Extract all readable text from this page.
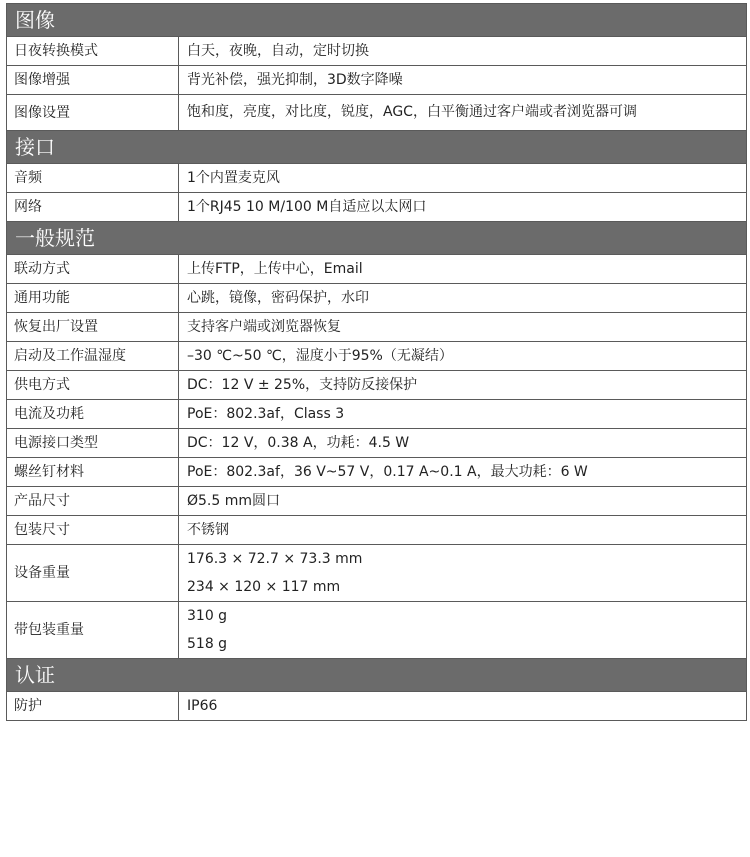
图像	
日夜转换模式	白天，夜晚，自动，定时切换

图像增强	背光补偿，强光抑制，3D数字降噪

图像设置	饱和度，亮度，对比度，锐度，AGC，白平衡通过客户端或者浏览器可调

接口	
音频	1个内置麦克风

网络	1个RJ45 10 M/100 M自适应以太网口

一般规范	
联动方式	上传FTP，上传中心，Email

通用功能	心跳，镜像，密码保护，水印

恢复出厂设置	支持客户端或浏览器恢复

启动及工作温湿度	–30 ℃~50 ℃，湿度小于95%（无凝结）

供电方式	DC：12 V ± 25%，支持防反接保护

电流及功耗	PoE：802.3af，Class 3

电源接口类型	DC：12 V，0.38 A，功耗：4.5 W

螺丝钉材料	PoE：802.3af，36 V~57 V，0.17 A~0.1 A，最大功耗：6 W

产品尺寸	Ø5.5 mm圆口

包装尺寸	不锈钢

设备重量	176.3 × 72.7 × 73.3 mm
234 × 120 × 117 mm

带包装重量	310 g
518 g

认证	
防护	IP66
